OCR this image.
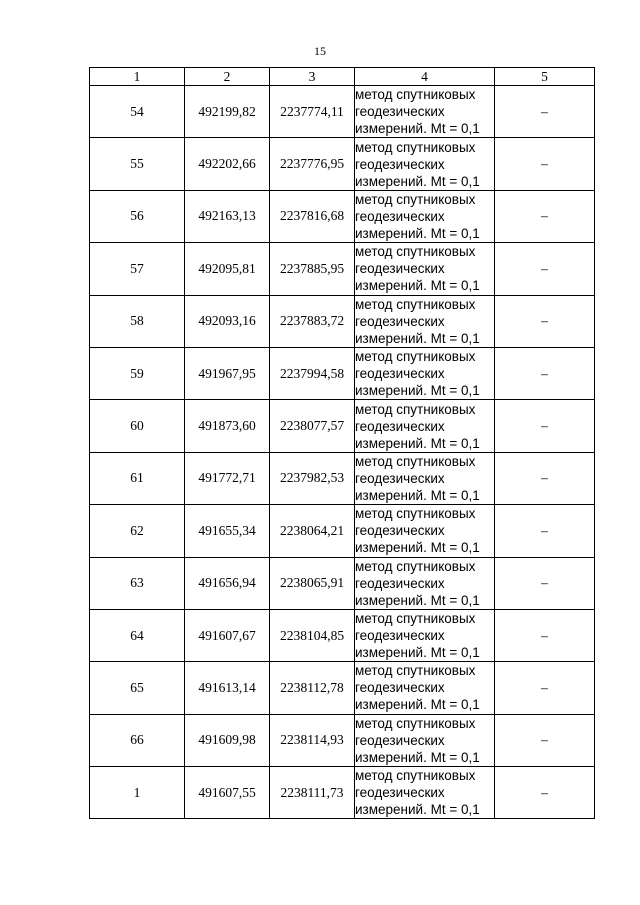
15
1	2	3	4	5
54	492199,82	2237774,11	метод спутниковых
геодезических
измерений. Mt = 0,1	–
55	492202,66	2237776,95	метод спутниковых
геодезических
измерений. Mt = 0,1	–
56	492163,13	2237816,68	метод спутниковых
геодезических
измерений. Mt = 0,1	–
57	492095,81	2237885,95	метод спутниковых
геодезических
измерений. Mt = 0,1	–
58	492093,16	2237883,72	метод спутниковых
геодезических
измерений. Mt = 0,1	–
59	491967,95	2237994,58	метод спутниковых
геодезических
измерений. Mt = 0,1	–
60	491873,60	2238077,57	метод спутниковых
геодезических
измерений. Mt = 0,1	–
61	491772,71	2237982,53	метод спутниковых
геодезических
измерений. Mt = 0,1	–
62	491655,34	2238064,21	метод спутниковых
геодезических
измерений. Mt = 0,1	–
63	491656,94	2238065,91	метод спутниковых
геодезических
измерений. Mt = 0,1	–
64	491607,67	2238104,85	метод спутниковых
геодезических
измерений. Mt = 0,1	–
65	491613,14	2238112,78	метод спутниковых
геодезических
измерений. Mt = 0,1	–
66	491609,98	2238114,93	метод спутниковых
геодезических
измерений. Mt = 0,1	–
1	491607,55	2238111,73	метод спутниковых
геодезических
измерений. Mt = 0,1	–
